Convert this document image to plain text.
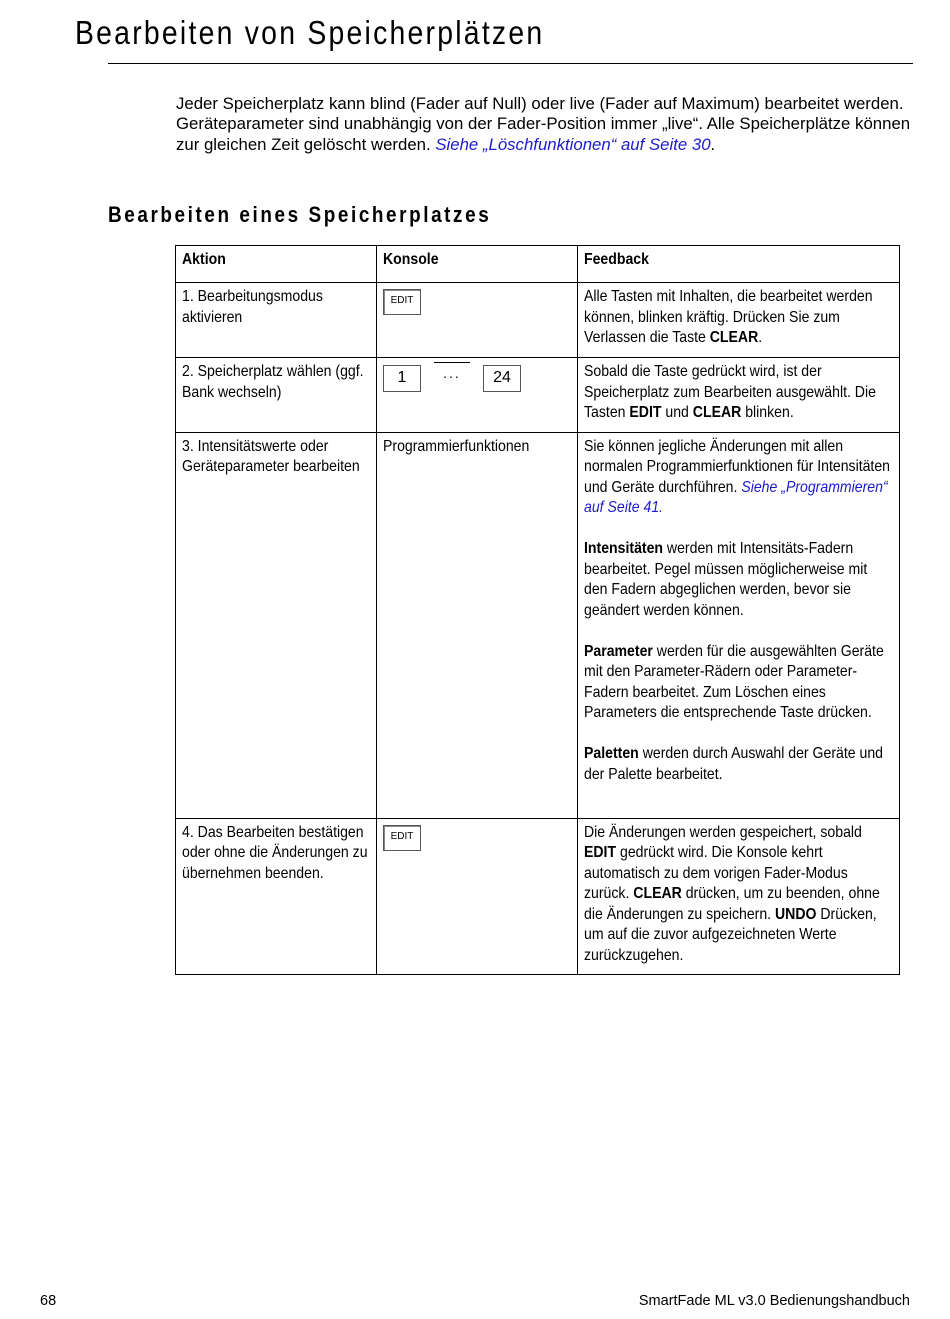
Bearbeiten von Speicherplätzen

Jeder Speicherplatz kann blind (Fader auf Null) oder live (Fader auf Maximum) bearbeitet werden. Geräteparameter sind unabhängig von der Fader-Position immer „live“. Alle Speicherplätze können zur gleichen Zeit gelöscht werden. Siehe „Löschfunktionen“ auf Seite 30.

Bearbeiten eines Speicherplatzes
Aktion	Konsole	Feedback

1. Bearbeitungsmodus aktivieren	EDIT	Alle Tasten mit Inhalten, die bearbeitet werden können, blinken kräftig. Drücken Sie zum Verlassen die Taste CLEAR.

2. Speicherplatz wählen (ggf. Bank wechseln)	1 ... 24	Sobald die Taste gedrückt wird, ist der Speicherplatz zum Bearbeiten ausgewählt. Die Tasten EDIT und CLEAR blinken.

3. Intensitätswerte oder Geräteparameter bearbeiten	Programmierfunktionen	Sie können jegliche Änderungen mit allen normalen Programmierfunktionen für Intensitäten und Geräte durchführen. Siehe „Programmieren“ auf Seite 41.

Intensitäten werden mit Intensitäts-Fadern bearbeitet. Pegel müssen möglicherweise mit den Fadern abgeglichen werden, bevor sie geändert werden können.

Parameter werden für die ausgewählten Geräte mit den Parameter-Rädern oder Parameter-Fadern bearbeitet. Zum Löschen eines Parameters die entsprechende Taste drücken.

Paletten werden durch Auswahl der Geräte und der Palette bearbeitet.

4. Das Bearbeiten bestätigen oder ohne die Änderungen zu übernehmen beenden.	EDIT	Die Änderungen werden gespeichert, sobald EDIT gedrückt wird. Die Konsole kehrt automatisch zu dem vorigen Fader-Modus zurück. CLEAR drücken, um zu beenden, ohne die Änderungen zu speichern. UNDO Drücken, um auf die zuvor aufgezeichneten Werte zurückzugehen.
68	SmartFade ML v3.0 Bedienungshandbuch
